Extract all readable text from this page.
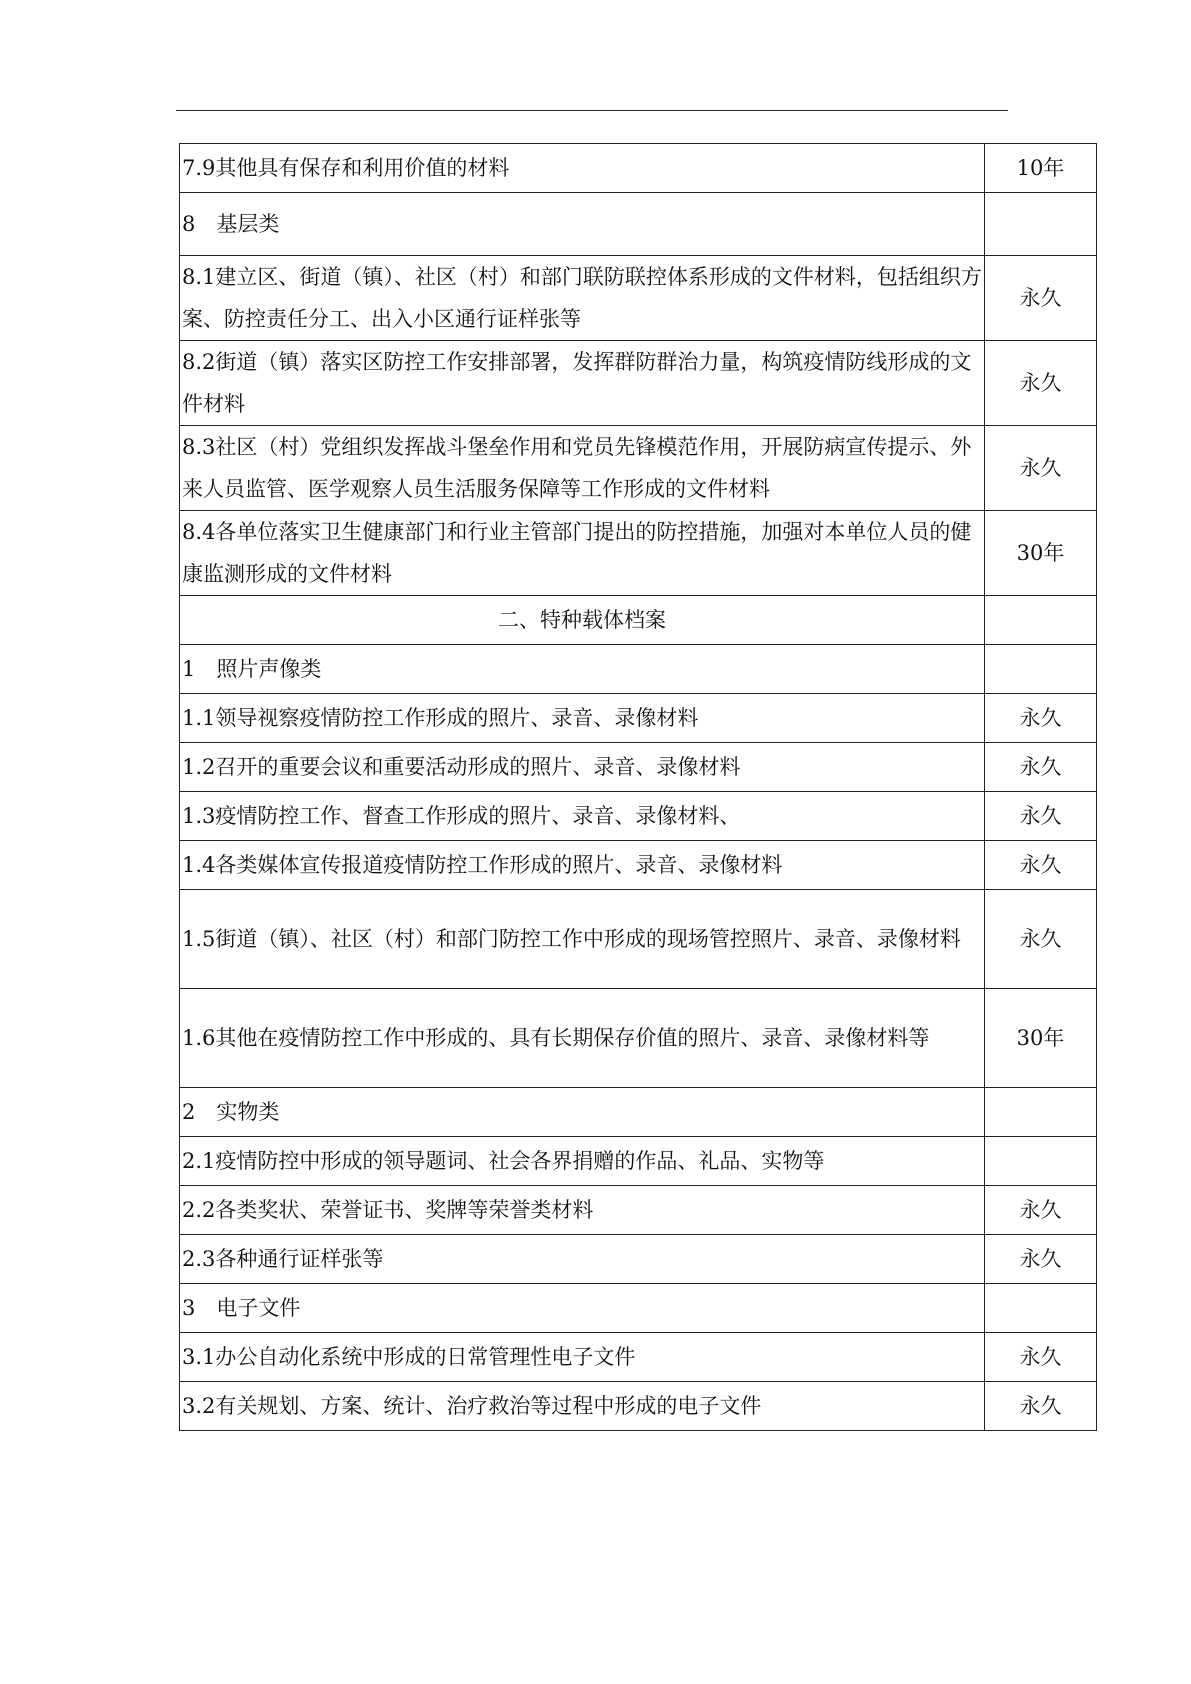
7.9其他具有保存和利用价值的材料	10年
8　基层类	
8.1建立区、街道（镇）、社区（村）和部门联防联控体系形成的文件材料，包括组织方案、防控责任分工、出入小区通行证样张等	永久
8.2街道（镇）落实区防控工作安排部署，发挥群防群治力量，构筑疫情防线形成的文件材料	永久
8.3社区（村）党组织发挥战斗堡垒作用和党员先锋模范作用，开展防病宣传提示、外来人员监管、医学观察人员生活服务保障等工作形成的文件材料	永久
8.4各单位落实卫生健康部门和行业主管部门提出的防控措施，加强对本单位人员的健康监测形成的文件材料	30年
二、特种载体档案	
1　照片声像类	
1.1领导视察疫情防控工作形成的照片、录音、录像材料	永久
1.2召开的重要会议和重要活动形成的照片、录音、录像材料	永久
1.3疫情防控工作、督查工作形成的照片、录音、录像材料、	永久
1.4各类媒体宣传报道疫情防控工作形成的照片、录音、录像材料	永久
1.5街道（镇）、社区（村）和部门防控工作中形成的现场管控照片、录音、录像材料	永久
1.6其他在疫情防控工作中形成的、具有长期保存价值的照片、录音、录像材料等	30年
2　实物类	
2.1疫情防控中形成的领导题词、社会各界捐赠的作品、礼品、实物等	
2.2各类奖状、荣誉证书、奖牌等荣誉类材料	永久
2.3各种通行证样张等	永久
3　电子文件	
3.1办公自动化系统中形成的日常管理性电子文件	永久
3.2有关规划、方案、统计、治疗救治等过程中形成的电子文件	永久
